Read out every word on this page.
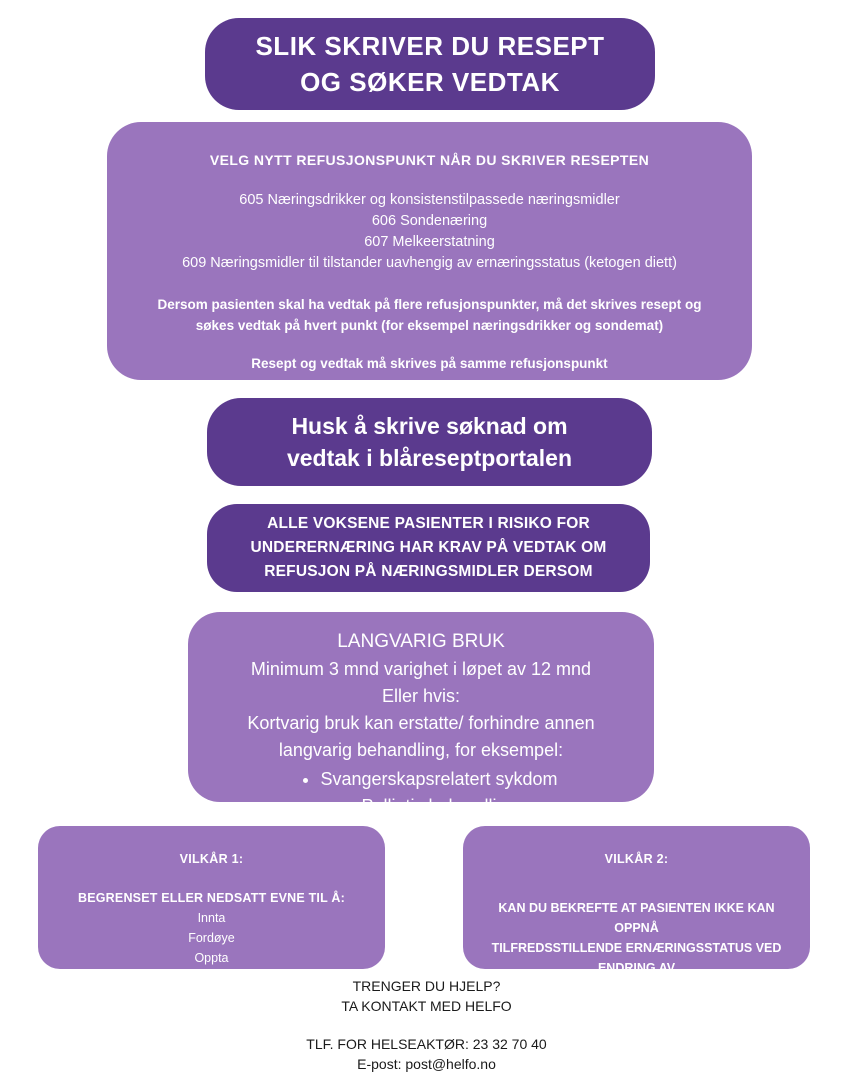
SLIK SKRIVER DU RESEPT
OG SØKER VEDTAK
VELG NYTT REFUSJONSPUNKT NÅR DU SKRIVER RESEPTEN
605 Næringsdrikker og konsistenstilpassede næringsmidler
606 Sondenæring
607 Melkeerstatning
609 Næringsmidler til tilstander uavhengig av ernæringsstatus (ketogen diett)
Dersom pasienten skal ha vedtak på flere refusjonspunkter, må det skrives resept og
søkes vedtak på hvert punkt (for eksempel næringsdrikker og sondemat)
Resept og vedtak må skrives på samme refusjonspunkt
Husk å skrive søknad om
vedtak i blåreseptportalen
ALLE VOKSENE PASIENTER I RISIKO FOR
UNDERERNÆRING HAR KRAV PÅ VEDTAK OM
REFUSJON PÅ NÆRINGSMIDLER DERSOM
LANGVARIG BRUK
Minimum 3 mnd varighet i løpet av 12 mnd
Eller hvis:
Kortvarig bruk kan erstatte/ forhindre annen
langvarig behandling, for eksempel:
• Svangerskapsrelatert sykdom
• Palliativ behandling
VILKÅR 1:
BEGRENSET ELLER NEDSATT EVNE TIL Å:
Innta
Fordøye
Oppta
Omdanne / utskille næringsstoffer
VILKÅR 2:
KAN DU BEKREFTE AT PASIENTEN IKKE KAN OPPNÅ
TILFREDSSTILLENDE ERNÆRINGSSTATUS VED
ENDRING AV
DET NORMALE KOSTHOLDET
TRENGER DU HJELP?
TA KONTAKT MED HELFO
TLF. FOR HELSEAKTØR: 23 32 70 40
E-post: post@helfo.no
